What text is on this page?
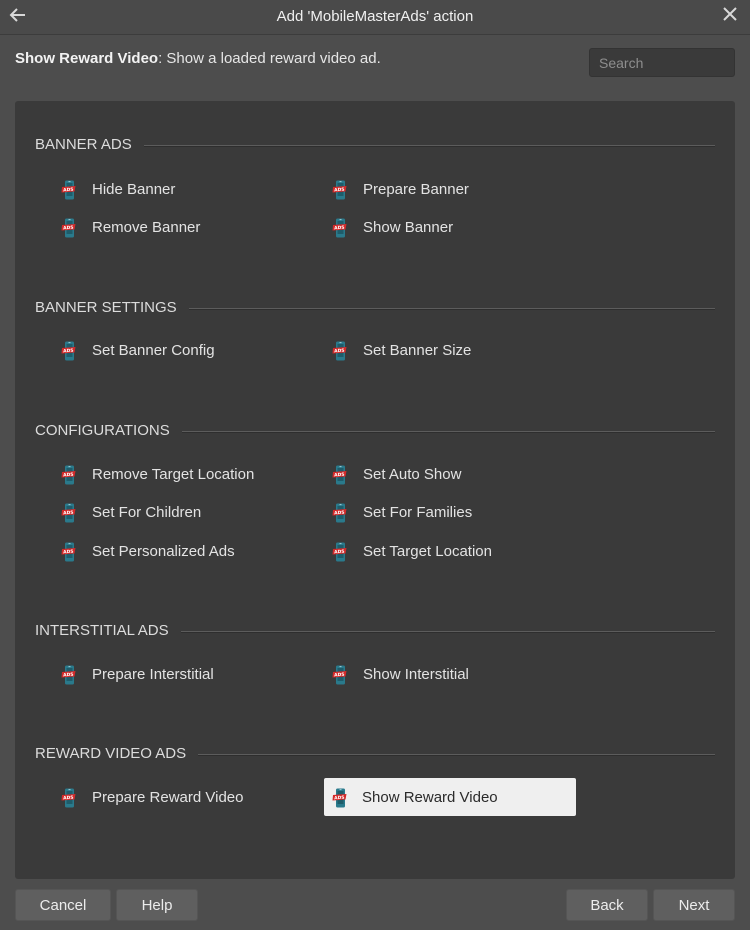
Add 'MobileMasterAds' action
Show Reward Video: Show a loaded reward video ad.
Search
BANNER ADS
ADS Hide Banner	ADS Prepare Banner
ADS Remove Banner	ADS Show Banner
BANNER SETTINGS
ADS Set Banner Config	ADS Set Banner Size
CONFIGURATIONS
ADS Remove Target Location	ADS Set Auto Show
ADS Set For Children	ADS Set For Families
ADS Set Personalized Ads	ADS Set Target Location
INTERSTITIAL ADS
ADS Prepare Interstitial	ADS Show Interstitial
REWARD VIDEO ADS
ADS Prepare Reward Video	ADS Show Reward Video
Cancel	Help	Back	Next
